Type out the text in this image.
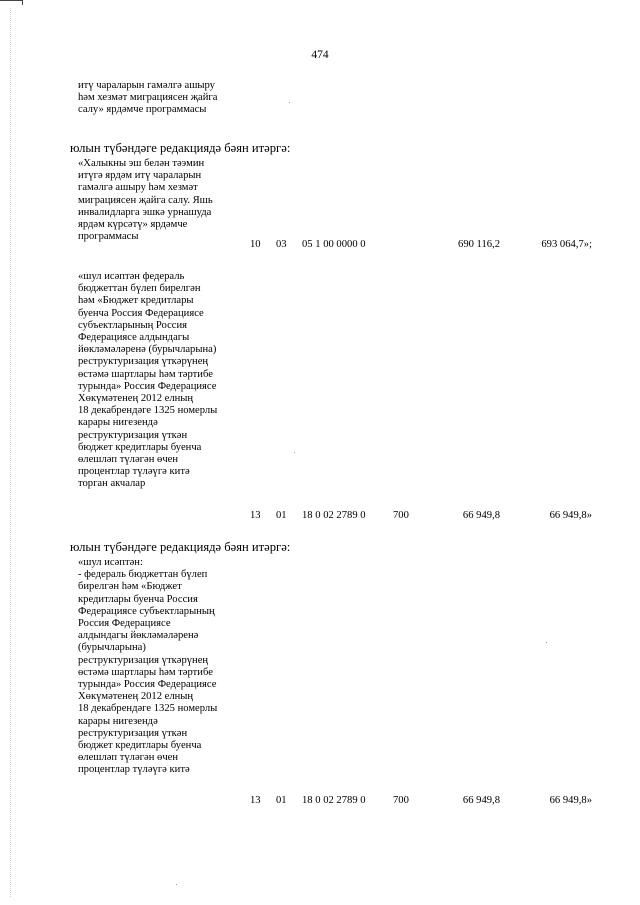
474
итү чараларын гамәлгә ашыру
һәм хезмәт миграциясен җайга
салу» ярдәмче программасы
юлын түбәндәге редакциядә бәян итәргә:
«Халыкны эш белән тәэмин
итүгә ярдәм итү чараларын
гамәлгә ашыру һәм хезмәт
миграциясен җайга салу. Яшь
инвалидларга эшкә урнашуда
ярдәм күрсәтү» ярдәмче
программасы
10 03 05 1 00 0000 0	690 116,2	693 064,7»;
«шул исәптән федераль
бюджеттан бүлеп бирелгән
һәм «Бюджет кредитлары
буенча Россия Федерациясе
субъектларының Россия
Федерациясе алдындагы
йөкләмәләренә (бурычларына)
реструктуризация үткәрүнең
өстәмә шартлары һәм тәртибе
турында» Россия Федерациясе
Хөкүмәтенең 2012 елның
18 декабрендәге 1325 номерлы
карары нигезендә
реструктуризация үткән
бюджет кредитлары буенча
өлешләп түләгән өчен
процентлар түләүгә китә
торган акчалар
13 01 18 0 02 2789 0	700	66 949,8	66 949,8»
юлын түбәндәге редакциядә бәян итәргә:
«шул исәптән:
- федераль бюджеттан бүлеп
бирелгән һәм «Бюджет
кредитлары буенча Россия
Федерациясе субъектларының
Россия Федерациясе
алдындагы йөкләмәләренә
(бурычларына)
реструктуризация үткәрүнең
өстәмә шартлары һәм тәртибе
турында» Россия Федерациясе
Хөкүмәтенең 2012 елның
18 декабрендәге 1325 номерлы
карары нигезендә
реструктуризация үткән
бюджет кредитлары буенча
өлешләп түләгән өчен
процентлар түләүгә китә
13 01 18 0 02 2789 0	700	66 949,8	66 949,8»
